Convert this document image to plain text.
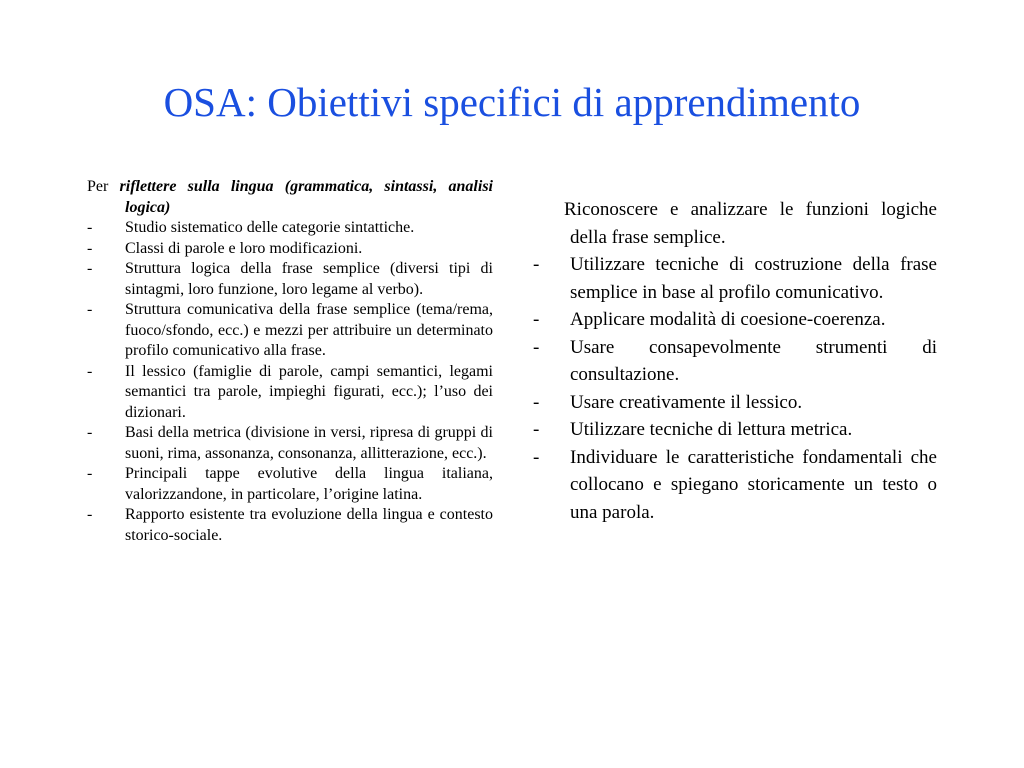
OSA: Obiettivi specifici di apprendimento

Per riflettere sulla lingua (grammatica, sintassi, analisi logica)

- Studio sistematico delle categorie sintattiche.
- Classi di parole e loro modificazioni.
- Struttura logica della frase semplice (diversi tipi di sintagmi, loro funzione, loro legame al verbo).
- Struttura comunicativa della frase semplice (tema/rema, fuoco/sfondo, ecc.) e mezzi per attribuire un determinato profilo comunicativo alla frase.
- Il lessico (famiglie di parole, campi semantici, legami semantici tra parole, impieghi figurati, ecc.); l’uso dei dizionari.
- Basi della metrica (divisione in versi, ripresa di gruppi di suoni, rima, assonanza, consonanza, allitterazione, ecc.).
- Principali tappe evolutive della lingua italiana, valorizzandone, in particolare, l’origine latina.
- Rapporto esistente tra evoluzione della lingua e contesto storico-sociale.

Riconoscere e analizzare le funzioni logiche della frase semplice.

- Utilizzare tecniche di costruzione della frase semplice in base al profilo comunicativo.
- Applicare modalità di coesione-coerenza.
- Usare consapevolmente strumenti di consultazione.
- Usare creativamente il lessico.
- Utilizzare tecniche di lettura metrica.
- Individuare le caratteristiche fondamentali che collocano e spiegano storicamente un testo o una parola.
